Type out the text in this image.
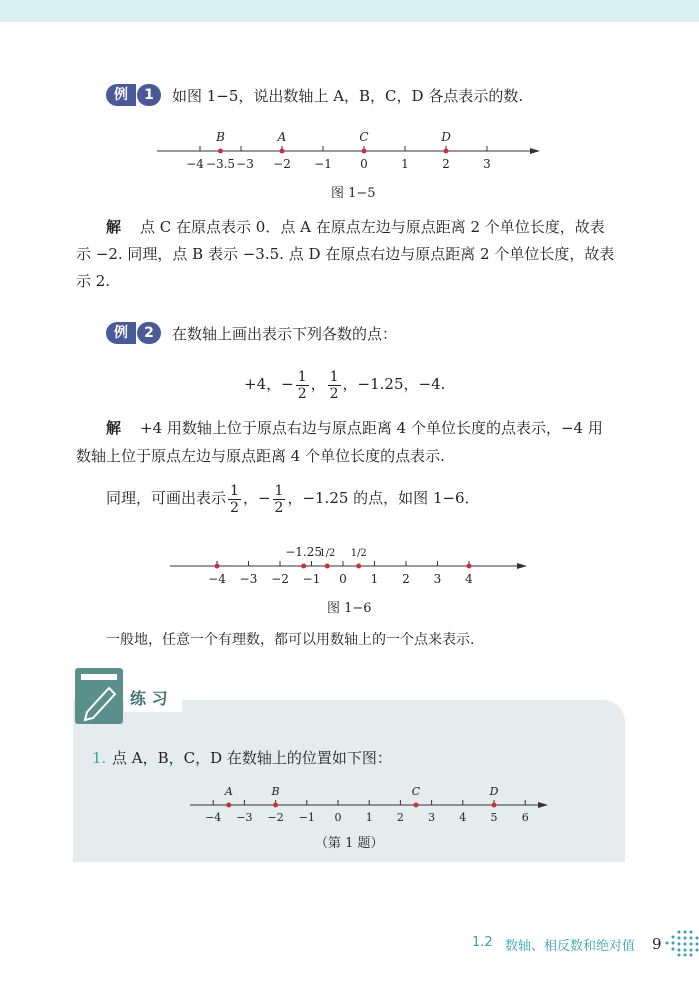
例	1	如图 1−5，说出数轴上 A，B，C，D 各点表示的数.
−4	−3 −2 −1 0	1	2	3
−3.5
B	A	C	D
图 1−5
解 点 C 在原点表示 0．点 A 在原点左边与原点距离 2 个单位长度，故表
示 −2. 同理，点 B 表示 −3.5. 点 D 在原点右边与原点距离 2 个单位长度，故表
示 2.
例	2	在数轴上画出表示下列各数的点：
+4，− $\frac{1}{2}$ ， $\frac{1}{2}$ ，−1.25，−4.
解 +4 用数轴上位于原点右边与原点距离 4 个单位长度的点表示，−4 用
数轴上位于原点左边与原点距离 4 个单位长度的点表示.
同理，可画出表示 $\frac{1}{2}$ ，− $\frac{1}{2}$ ，−1.25 的点，如图 1−6．
−4 −3 −2 −1 0 1 2 3 4
−1.25
1/2 1/2
图 1−6
一般地，任意一个有理数，都可以用数轴上的一个点来表示.
练 习
1. 点 A，B，C，D 在数轴上的位置如下图：
−4 −3 −2 −1 0 1 2 3 4 5 6
A	B	C	D
（第 1 题）
1.2 数轴、相反数和绝对值 9
